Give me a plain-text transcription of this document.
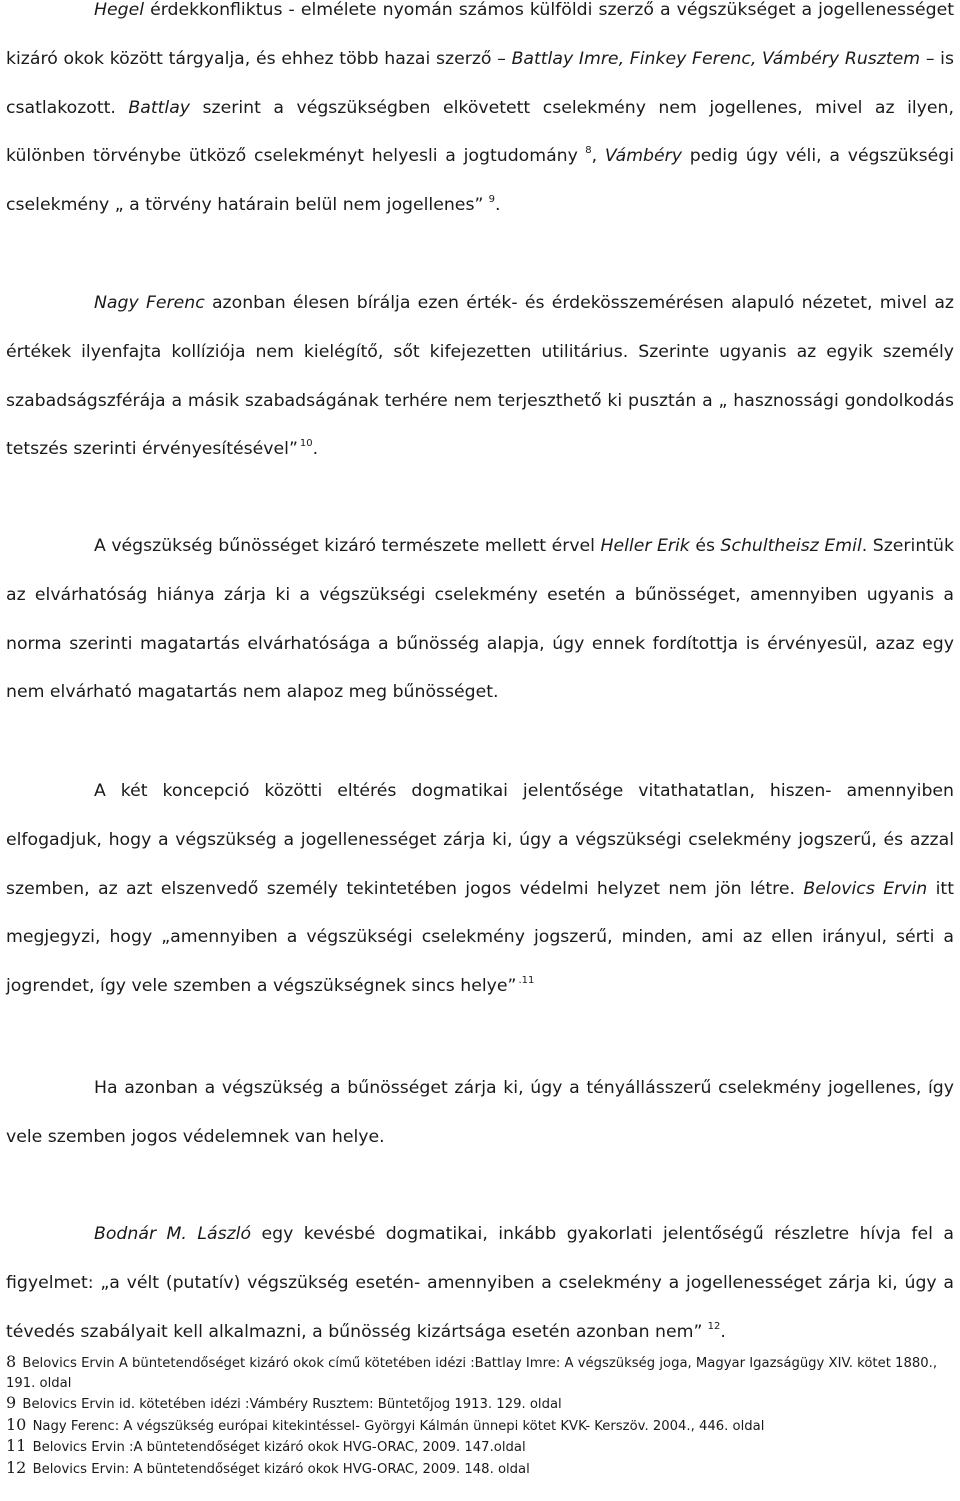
Hegel érdekkonfliktus - elmélete nyomán számos külföldi szerző a végszükséget a jogellenességet kizáró okok között tárgyalja, és ehhez több hazai szerző – Battlay Imre, Finkey Ferenc, Vámbéry Rusztem – is csatlakozott. Battlay szerint a végszükségben elkövetett cselekmény nem jogellenes, mivel az ilyen, különben törvénybe ütköző cselekményt helyesli a jogtudomány $^8$, Vámbéry pedig úgy véli, a végszükségi cselekmény „ a törvény határain belül nem jogellenes” $^9$.

Nagy Ferenc azonban élesen bírálja ezen érték- és érdekösszemérésen alapuló nézetet, mivel az értékek ilyenfajta kollíziója nem kielégítő, sőt kifejezetten utilitárius. Szerinte ugyanis az egyik személy szabadságszférája a másik szabadságának terhére nem terjeszthető ki pusztán a „ hasznossági gondolkodás tetszés szerinti érvényesítésével” $^{10}$.

A végszükség bűnösséget kizáró természete mellett érvel Heller Erik és Schultheisz Emil. Szerintük az elvárhatóság hiánya zárja ki a végszükségi cselekmény esetén a bűnösséget, amennyiben ugyanis a norma szerinti magatartás elvárhatósága a bűnösség alapja, úgy ennek fordítottja is érvényesül, azaz egy nem elvárható magatartás nem alapoz meg bűnösséget.

A két koncepció közötti eltérés dogmatikai jelentősége vitathatatlan, hiszen- amennyiben elfogadjuk, hogy a végszükség a jogellenességet zárja ki, úgy a végszükségi cselekmény jogszerű, és azzal szemben, az azt elszenvedő személy tekintetében jogos védelmi helyzet nem jön létre. Belovics Ervin itt megjegyzi, hogy „amennyiben a végszükségi cselekmény jogszerű, minden, ami az ellen irányul, sérti a jogrendet, így vele szemben a végszükségnek sincs helye” $^{.11}$

Ha azonban a végszükség a bűnösséget zárja ki, úgy a tényállásszerű cselekmény jogellenes, így vele szemben jogos védelemnek van helye.

Bodnár M. László egy kevésbé dogmatikai, inkább gyakorlati jelentőségű részletre hívja fel a figyelmet: „a vélt (putatív) végszükség esetén- amennyiben a cselekmény a jogellenességet zárja ki, úgy a tévedés szabályait kell alkalmazni, a bűnösség kizártsága esetén azonban nem” $^{12}$.

8 Belovics Ervin A büntetendőséget kizáró okok című kötetében idézi :Battlay Imre: A végszükség joga, Magyar Igazságügy XIV. kötet 1880., 191. oldal

9 Belovics Ervin id. kötetében idézi :Vámbéry Rusztem: Büntetőjog 1913. 129. oldal

10 Nagy Ferenc: A végszükség európai kitekintéssel- Györgyi Kálmán ünnepi kötet KVK- Kerszöv. 2004., 446. oldal

11 Belovics Ervin :A büntetendőséget kizáró okok HVG-ORAC, 2009. 147.oldal

12 Belovics Ervin: A büntetendőséget kizáró okok HVG-ORAC, 2009. 148. oldal
